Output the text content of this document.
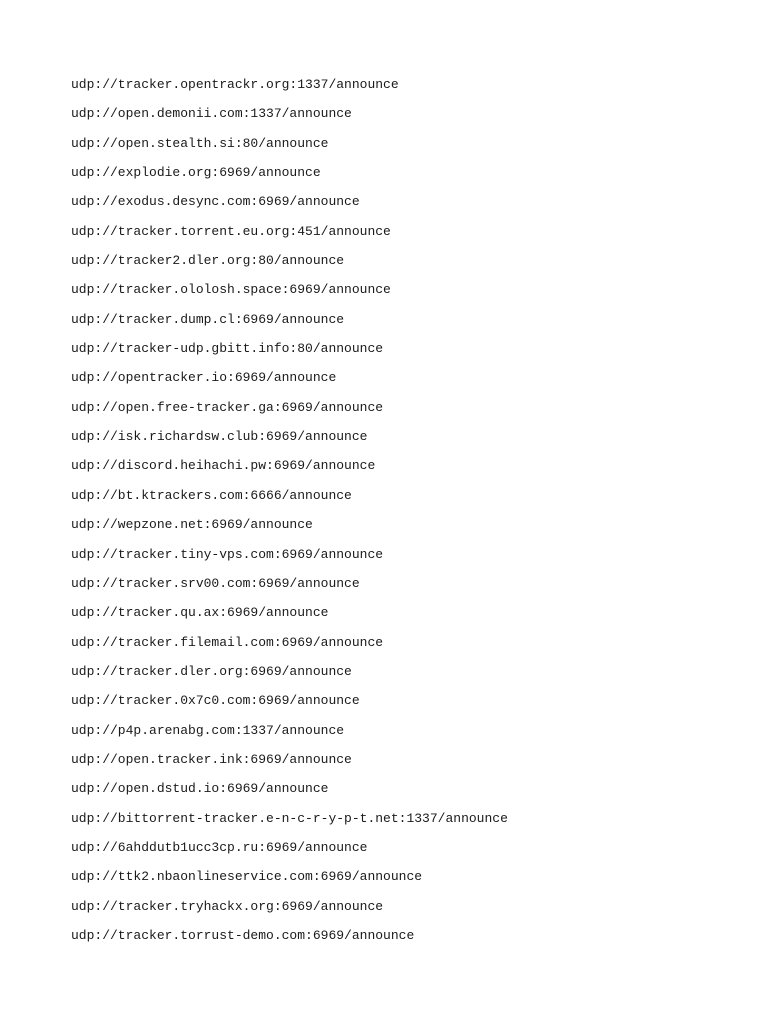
udp://tracker.opentrackr.org:1337/announce
udp://open.demonii.com:1337/announce
udp://open.stealth.si:80/announce
udp://explodie.org:6969/announce
udp://exodus.desync.com:6969/announce
udp://tracker.torrent.eu.org:451/announce
udp://tracker2.dler.org:80/announce
udp://tracker.ololosh.space:6969/announce
udp://tracker.dump.cl:6969/announce
udp://tracker-udp.gbitt.info:80/announce
udp://opentracker.io:6969/announce
udp://open.free-tracker.ga:6969/announce
udp://isk.richardsw.club:6969/announce
udp://discord.heihachi.pw:6969/announce
udp://bt.ktrackers.com:6666/announce
udp://wepzone.net:6969/announce
udp://tracker.tiny-vps.com:6969/announce
udp://tracker.srv00.com:6969/announce
udp://tracker.qu.ax:6969/announce
udp://tracker.filemail.com:6969/announce
udp://tracker.dler.org:6969/announce
udp://tracker.0x7c0.com:6969/announce
udp://p4p.arenabg.com:1337/announce
udp://open.tracker.ink:6969/announce
udp://open.dstud.io:6969/announce
udp://bittorrent-tracker.e-n-c-r-y-p-t.net:1337/announce
udp://6ahddutb1ucc3cp.ru:6969/announce
udp://ttk2.nbaonlineservice.com:6969/announce
udp://tracker.tryhackx.org:6969/announce
udp://tracker.torrust-demo.com:6969/announce
